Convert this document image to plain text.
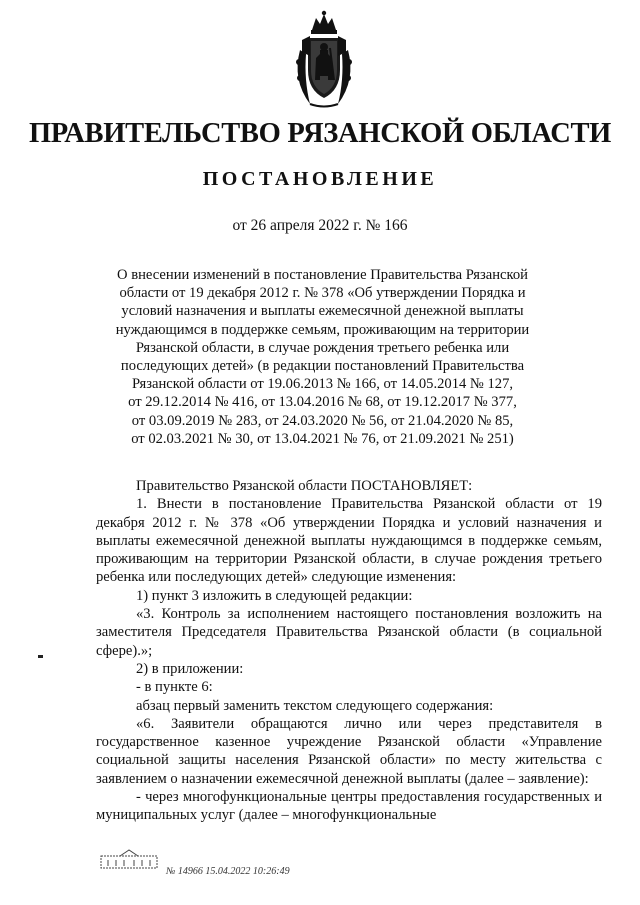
ПРАВИТЕЛЬСТВО РЯЗАНСКОЙ ОБЛАСТИ
ПОСТАНОВЛЕНИЕ
от 26 апреля 2022 г. № 166
О внесении изменений в постановление Правительства Рязанской
области от 19 декабря 2012 г. № 378 «Об утверждении Порядка и
условий назначения и выплаты ежемесячной денежной выплаты
нуждающимся в поддержке семьям, проживающим на территории
Рязанской области, в случае рождения третьего ребенка или
последующих детей» (в редакции постановлений Правительства
Рязанской области от 19.06.2013 № 166, от 14.05.2014 № 127,
от 29.12.2014 № 416, от 13.04.2016 № 68, от 19.12.2017 № 377,
от 03.09.2019 № 283, от 24.03.2020 № 56, от 21.04.2020 № 85,
от 02.03.2021 № 30, от 13.04.2021 № 76, от 21.09.2021 № 251)

Правительство Рязанской области ПОСТАНОВЛЯЕТ:

1. Внести в постановление Правительства Рязанской области от 19 декабря 2012 г. № 378 «Об утверждении Порядка и условий назначения и выплаты ежемесячной денежной выплаты нуждающимся в поддержке семьям, проживающим на территории Рязанской области, в случае рождения третьего ребенка или последующих детей» следующие изменения:

1) пункт 3 изложить в следующей редакции:

«3. Контроль за исполнением настоящего постановления возложить на заместителя Председателя Правительства Рязанской области (в социальной сфере).»;

2) в приложении:

- в пункте 6:

абзац первый заменить текстом следующего содержания:

«6. Заявители обращаются лично или через представителя в государственное казенное учреждение Рязанской области «Управление социальной защиты населения Рязанской области» по месту жительства с заявлением о назначении ежемесячной денежной выплаты (далее – заявление):

- через многофункциональные центры предоставления государственных и муниципальных услуг (далее – многофункциональные

№ 14966 15.04.2022 10:26:49
